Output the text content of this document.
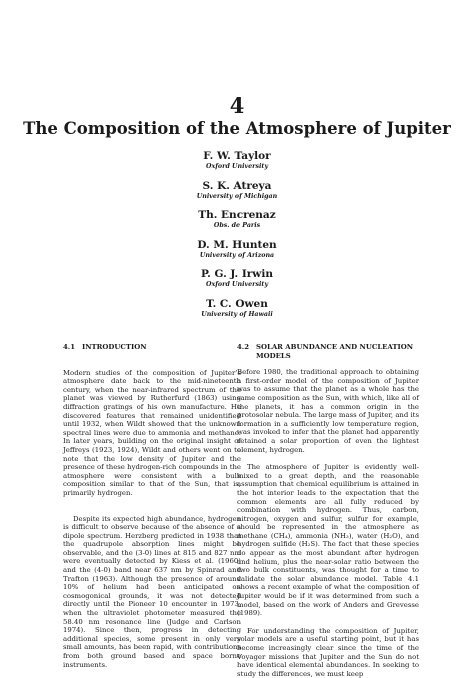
4
The Composition of the Atmosphere of Jupiter
F. W. Taylor
Oxford University
S. K. Atreya
University of Michigan
Th. Encrenaz
Obs. de Paris
D. M. Hunten
University of Arizona
P. G. J. Irwin
Oxford University
T. C. Owen
University of Hawaii
4.1	INTRODUCTION

Modern studies of the composition of Jupiter’s atmosphere date back to the mid-nineteenth century, when the near-infrared spectrum of the planet was viewed by Rutherfurd (1863) using diffraction gratings of his own manufacture. He discovered features that remained unidentified until 1932, when Wildt showed that the unknown spectral lines were due to ammonia and methane. In later years, building on the original insight of Jeffreys (1923, 1924), Wildt and others went on to note that the low density of Jupiter and the presence of these hydrogen-rich compounds in the atmosphere were consistent with a bulk composition similar to that of the Sun, that is, primarily hydrogen.

Despite its expected high abundance, hydrogen is difficult to observe because of the absence of a dipole spectrum. Herzberg predicted in 1938 that the quadrupole absorption lines might be observable, and the (3-0) lines at 815 and 827 nm were eventually detected by Kiess et al. (1960) and the (4-0) band near 637 nm by Spinrad and Trafton (1963). Although the presence of around 10% of helium had been anticipated on cosmogonical grounds, it was not detected directly until the Pioneer 10 encounter in 1973, when the ultraviolet photometer measured the 58.40 nm resonance line (Judge and Carlson 1974). Since then, progress in detecting additional species, some present in only very small amounts, has been rapid, with contributions from both ground based and space borne instruments.

4.2	SOLAR ABUNDANCE AND NUCLEATION MODELS

Before 1980, the traditional approach to obtaining a first-order model of the composition of Jupiter was to assume that the planet as a whole has the same composition as the Sun, with which, like all of the planets, it has a common origin in the protosolar nebula. The large mass of Jupiter, and its formation in a sufficiently low temperature region, was invoked to infer that the planet had apparently retained a solar proportion of even the lightest element, hydrogen.

The atmosphere of Jupiter is evidently well-mixed to a great depth, and the reasonable assumption that chemical equilibrium is attained in the hot interior leads to the expectation that the common elements are all fully reduced by combination with hydrogen. Thus, carbon, nitrogen, oxygen and sulfur, sulfur for example, should be represented in the atmosphere as methane (CH₄), ammonia (NH₃), water (H₂O), and hydrogen sulfide (H₂S). The fact that these species do appear as the most abundant after hydrogen and helium, plus the near-solar ratio between the two bulk constituents, was thought for a time to validate the solar abundance model. Table 4.1 shows a recent example of what the composition of Jupiter would be if it was determined from such a model, based on the work of Anders and Grevesse (1989).

For understanding the composition of Jupiter, solar models are a useful starting point, but it has become increasingly clear since the time of the Voyager missions that Jupiter and the Sun do not have identical elemental abundances. In seeking to study the differences, we must keep
